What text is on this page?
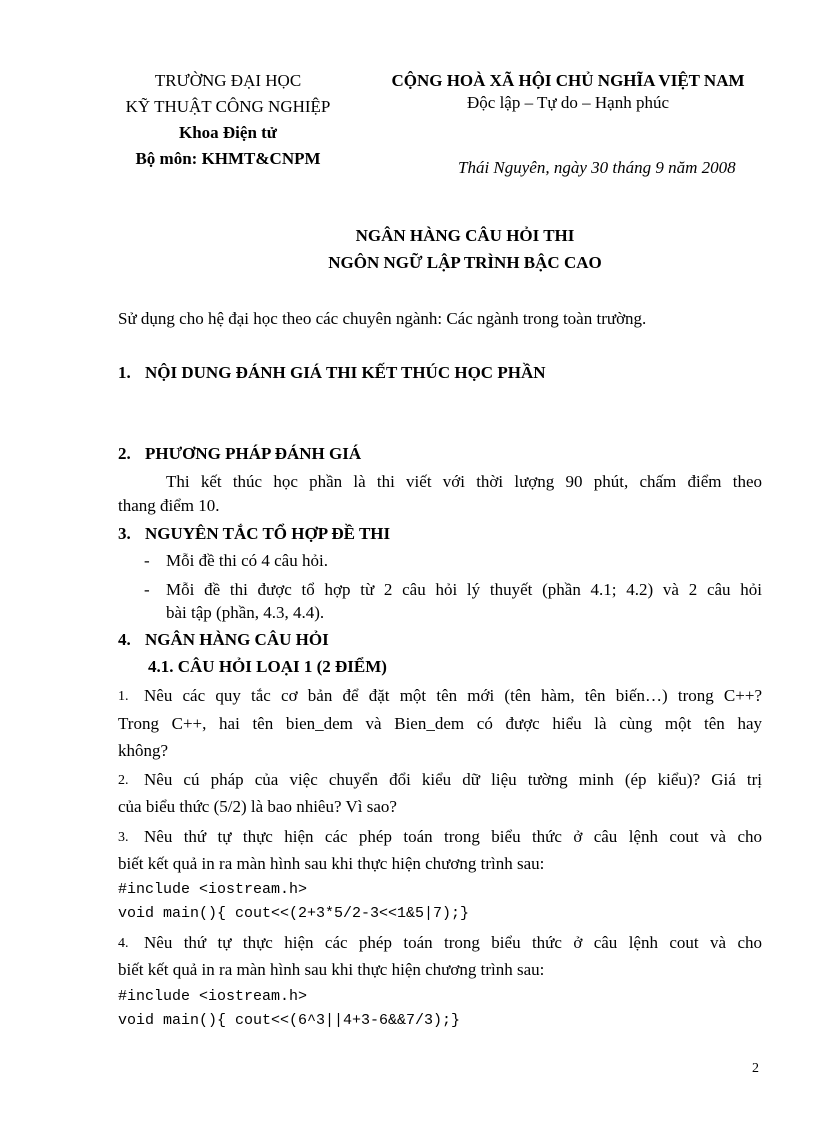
TRƯỜNG ĐẠI HỌC
KỸ THUẬT CÔNG NGHIỆP
Khoa Điện tử
Bộ môn: KHMT&CNPM
CỘNG HOÀ XÃ HỘI CHỦ NGHĨA VIỆT NAM
Độc lập – Tự do – Hạnh phúc
Thái Nguyên, ngày 30 tháng 9 năm 2008
NGÂN HÀNG CÂU HỎI THI
NGÔN NGỮ LẬP TRÌNH BẬC CAO
Sử dụng cho hệ đại học theo các chuyên ngành: Các ngành trong toàn trường.
1. NỘI DUNG ĐÁNH GIÁ THI KẾT THÚC HỌC PHẦN
2. PHƯƠNG PHÁP ĐÁNH GIÁ
Thi kết thúc học phần là thi viết với thời lượng 90 phút, chấm điểm theo
thang điểm 10.
3. NGUYÊN TẮC TỔ HỢP ĐỀ THI
- Mỗi đề thi có 4 câu hỏi.
- Mỗi đề thi được tổ hợp từ 2 câu hỏi lý thuyết (phần 4.1; 4.2) và 2 câu hỏi
bài tập (phần, 4.3, 4.4).
4. NGÂN HÀNG CÂU HỎI
4.1. CÂU HỎI LOẠI 1 (2 ĐIỂM)
1. Nêu các quy tắc cơ bản để đặt một tên mới (tên hàm, tên biến…) trong C++?
Trong C++, hai tên bien_dem và Bien_dem có được hiểu là cùng một tên hay
không?
2. Nêu cú pháp của việc chuyển đổi kiểu dữ liệu tường minh (ép kiểu)? Giá trị
của biểu thức (5/2) là bao nhiêu? Vì sao?
3. Nêu thứ tự thực hiện các phép toán trong biểu thức ở câu lệnh cout và cho
biết kết quả in ra màn hình sau khi thực hiện chương trình sau:
#include <iostream.h>
void main(){ cout<<(2+3*5/2-3<<1&5|7);}
4. Nêu thứ tự thực hiện các phép toán trong biểu thức ở câu lệnh cout và cho
biết kết quả in ra màn hình sau khi thực hiện chương trình sau:
#include <iostream.h>
void main(){ cout<<(6^3||4+3-6&&7/3);}
2
